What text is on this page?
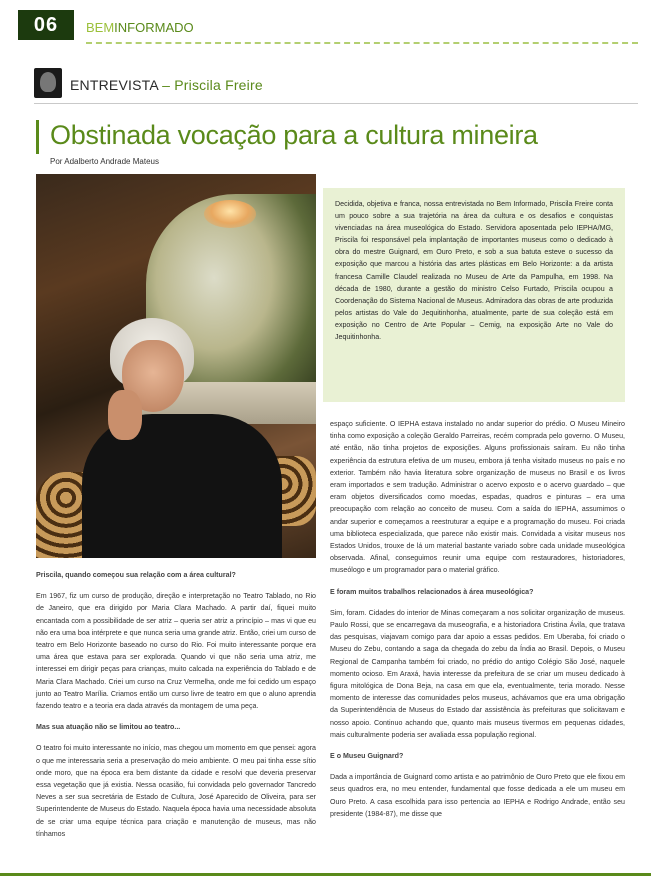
06	BEMINFORMADO
ENTREVISTA – Priscila Freire
Obstinada vocação para a cultura mineira
Por Adalberto Andrade Mateus
Decidida, objetiva e franca, nossa entrevistada no Bem Informado, Priscila Freire conta um pouco sobre a sua trajetória na área da cultura e os desafios e conquistas vivenciadas na área museológica do Estado. Servidora aposentada pelo IEPHA/MG, Priscila foi responsável pela implantação de importantes museus como o dedicado à obra do mestre Guignard, em Ouro Preto, e sob a sua batuta esteve o sucesso da exposição que marcou a história das artes plásticas em Belo Horizonte: a da artista francesa Camille Claudel realizada no Museu de Arte da Pampulha, em 1998. Na década de 1980, durante a gestão do ministro Celso Furtado, Priscila ocupou a Coordenação do Sistema Nacional de Museus. Admiradora das obras de arte produzida pelos artistas do Vale do Jequitinhonha, atualmente, parte de sua coleção está em exposição no Centro de Arte Popular – Cemig, na exposição Arte no Vale do Jequitinhonha.

Priscila, quando começou sua relação com a área cultural?

Em 1967, fiz um curso de produção, direção e interpretação no Teatro Tablado, no Rio de Janeiro, que era dirigido por Maria Clara Machado. A partir daí, fiquei muito encantada com a possibilidade de ser atriz – queria ser atriz a princípio – mas vi que eu não era uma boa intérprete e que nunca seria uma grande atriz. Então, criei um curso de teatro em Belo Horizonte baseado no curso do Rio. Foi muito interessante porque era uma área que estava para ser explorada. Quando vi que não seria uma atriz, me interessei em dirigir peças para crianças, muito calcada na experiência do Tablado e de Maria Clara Machado. Criei um curso na Cruz Vermelha, onde me foi cedido um espaço junto ao Teatro Marília. Criamos então um curso livre de teatro em que o aluno aprendia fazendo teatro e a teoria era dada através da montagem de uma peça.

Mas sua atuação não se limitou ao teatro...

O teatro foi muito interessante no início, mas chegou um momento em que pensei: agora o que me interessaria seria a preservação do meio ambiente. O meu pai tinha esse sítio onde moro, que na época era bem distante da cidade e resolvi que deveria preservar essa vegetação que já existia. Nessa ocasião, fui convidada pelo governador Tancredo Neves a ser sua secretária de Estado de Cultura, José Aparecido de Oliveira, para ser Superintendente de Museus do Estado. Naquela época havia uma necessidade absoluta de se criar uma equipe técnica para criação e manutenção de museus, mas não tínhamos

espaço suficiente. O IEPHA estava instalado no andar superior do prédio. O Museu Mineiro tinha como exposição a coleção Geraldo Parreiras, recém comprada pelo governo. O Museu, até então, não tinha projetos de exposições. Alguns profissionais saíram. Eu não tinha experiência da estrutura efetiva de um museu, embora já tenha visitado museus no país e no exterior. Também não havia literatura sobre organização de museus no Brasil e os livros eram importados e sem tradução. Administrar o acervo exposto e o acervo guardado – que eram objetos diversificados como moedas, espadas, quadros e pinturas – era uma preocupação com relação ao conceito de museu. Com a saída do IEPHA, assumimos o andar superior e começamos a reestruturar a equipe e a programação do museu. Foi criada uma biblioteca especializada, que parece não existir mais. Convidada a visitar museus nos Estados Unidos, trouxe de lá um material bastante variado sobre cada unidade museológica observada. Afinal, conseguimos reunir uma equipe com restauradores, historiadores, museólogo e um programador para o material gráfico.

E foram muitos trabalhos relacionados à área museológica?

Sim, foram. Cidades do interior de Minas começaram a nos solicitar organização de museus. Paulo Rossi, que se encarregava da museografia, e a historiadora Cristina Ávila, que tratava das pesquisas, viajavam comigo para dar apoio a essas pedidos. Em Uberaba, foi criado o Museu do Zebu, contando a saga da chegada do zebu da Índia ao Brasil. Depois, o Museu Regional de Campanha também foi criado, no prédio do antigo Colégio São José, naquele momento ocioso. Em Araxá, havia interesse da prefeitura de se criar um museu dedicado à figura mitológica de Dona Beja, na casa em que ela, eventualmente, teria morado. Nesse momento de interesse das comunidades pelos museus, achávamos que era uma obrigação da Superintendência de Museus do Estado dar assistência às prefeituras que solicitavam e nosso apoio. Continuo achando que, quanto mais museus tivermos em pequenas cidades, mais culturalmente poderia ser avaliada essa população regional.

E o Museu Guignard?

Dada a importância de Guignard como artista e ao patrimônio de Ouro Preto que ele fixou em seus quadros era, no meu entender, fundamental que fosse dedicada a ele um museu em Ouro Preto. A casa escolhida para isso pertencia ao IEPHA e Rodrigo Andrade, então seu presidente (1984-87), me disse que
